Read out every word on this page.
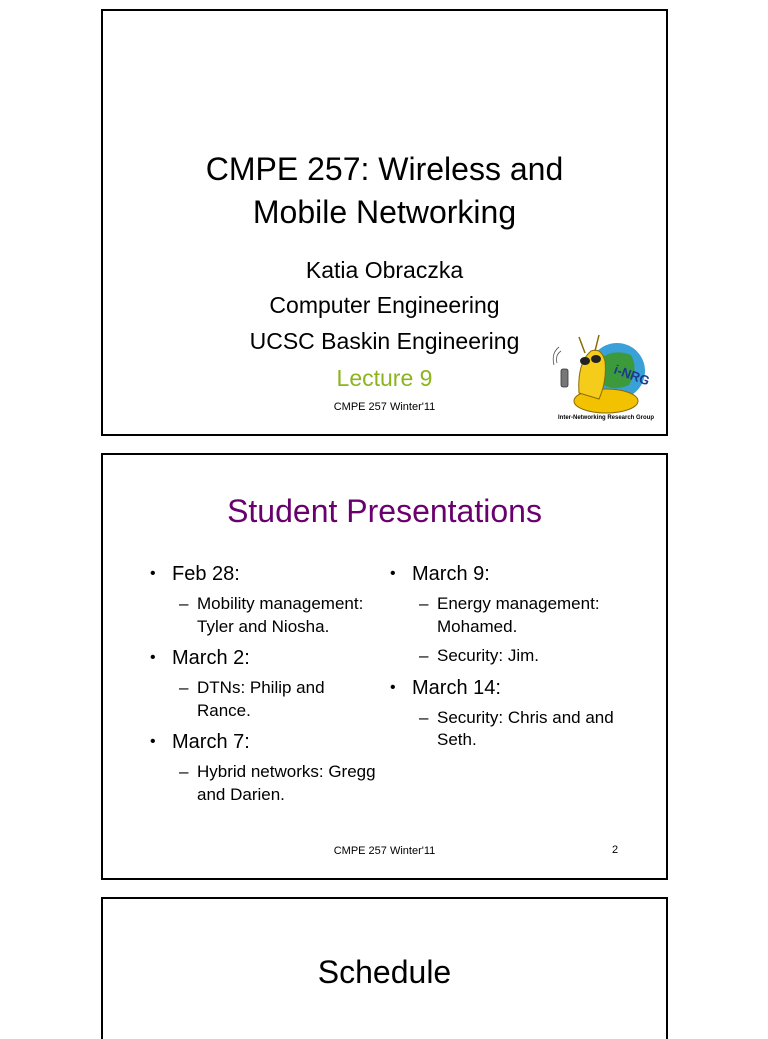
CMPE 257: Wireless and
Mobile Networking
Katia Obraczka
Computer Engineering
UCSC Baskin Engineering
Lecture 9
CMPE 257 Winter'11
i-NRG
Inter-Networking Research Group
Student Presentations
• Feb 28:
– Mobility management: Tyler and Niosha.
• March 2:
– DTNs: Philip and Rance.
• March 7:
– Hybrid networks: Gregg and Darien.
• March 9:
– Energy management: Mohamed.
– Security: Jim.
• March 14:
– Security: Chris and and Seth.
CMPE 257 Winter'11	2
Schedule
